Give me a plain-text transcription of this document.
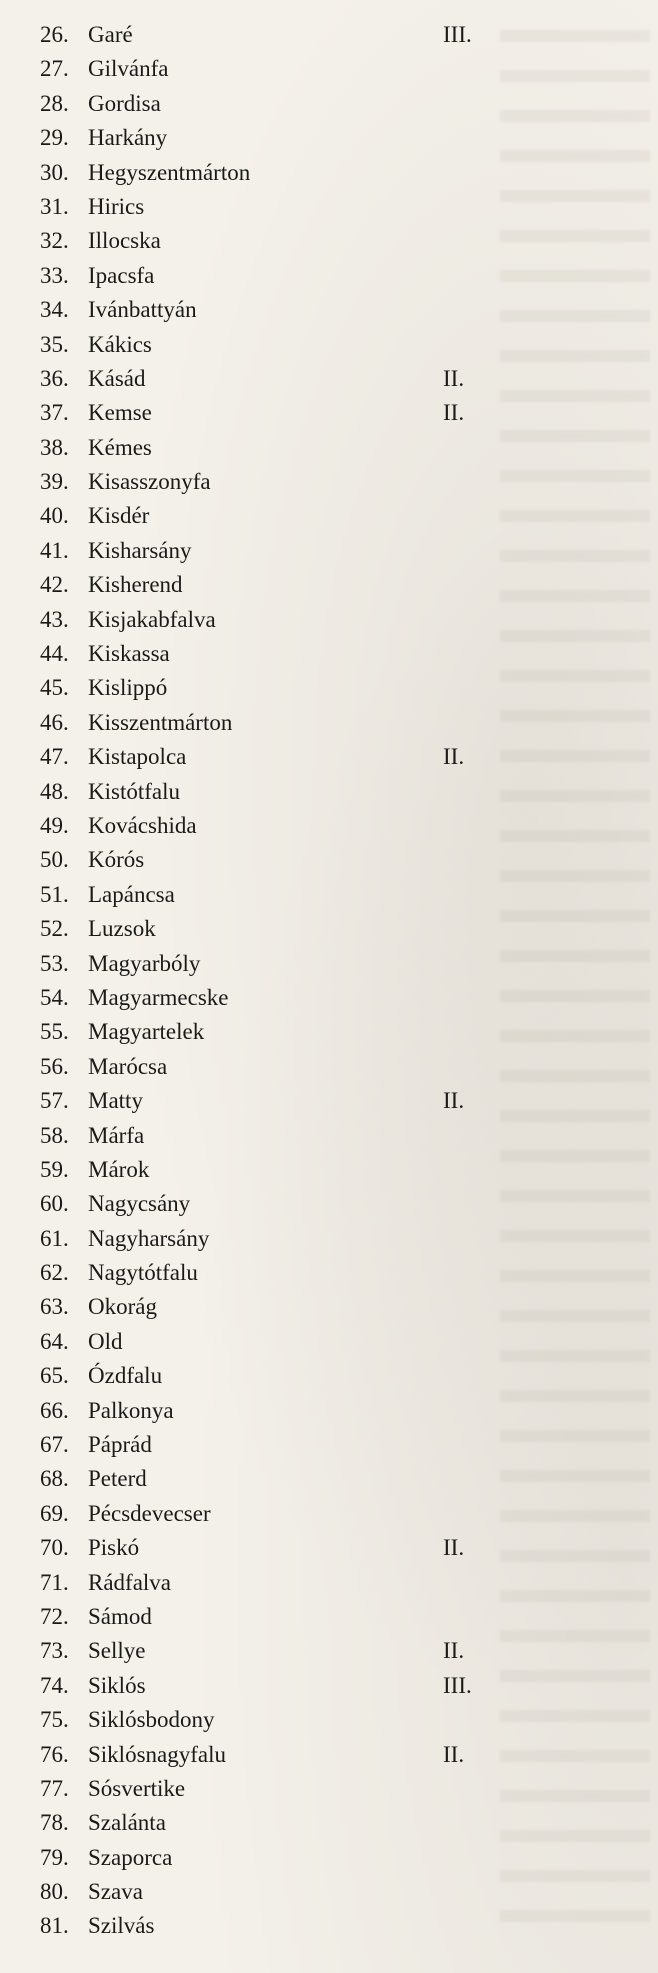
26. Garé	III.
27. Gilvánfa
28. Gordisa
29. Harkány
30. Hegyszentmárton
31. Hirics
32. Illocska
33. Ipacsfa
34. Ivánbattyán
35. Kákics
36. Kásád	II.
37. Kemse	II.
38. Kémes
39. Kisasszonyfa
40. Kisdér
41. Kisharsány
42. Kisherend
43. Kisjakabfalva
44. Kiskassa
45. Kislippó
46. Kisszentmárton
47. Kistapolca	II.
48. Kistótfalu
49. Kovácshida
50. Kórós
51. Lapáncsa
52. Luzsok
53. Magyarbóly
54. Magyarmecske
55. Magyartelek
56. Marócsa
57. Matty	II.
58. Márfa
59. Márok
60. Nagycsány
61. Nagyharsány
62. Nagytótfalu
63. Okorág
64. Old
65. Ózdfalu
66. Palkonya
67. Páprád
68. Peterd
69. Pécsdevecser
70. Piskó	II.
71. Rádfalva
72. Sámod
73. Sellye	II.
74. Siklós	III.
75. Siklósbodony
76. Siklósnagyfalu	II.
77. Sósvertike
78. Szalánta
79. Szaporca
80. Szava
81. Szilvás
